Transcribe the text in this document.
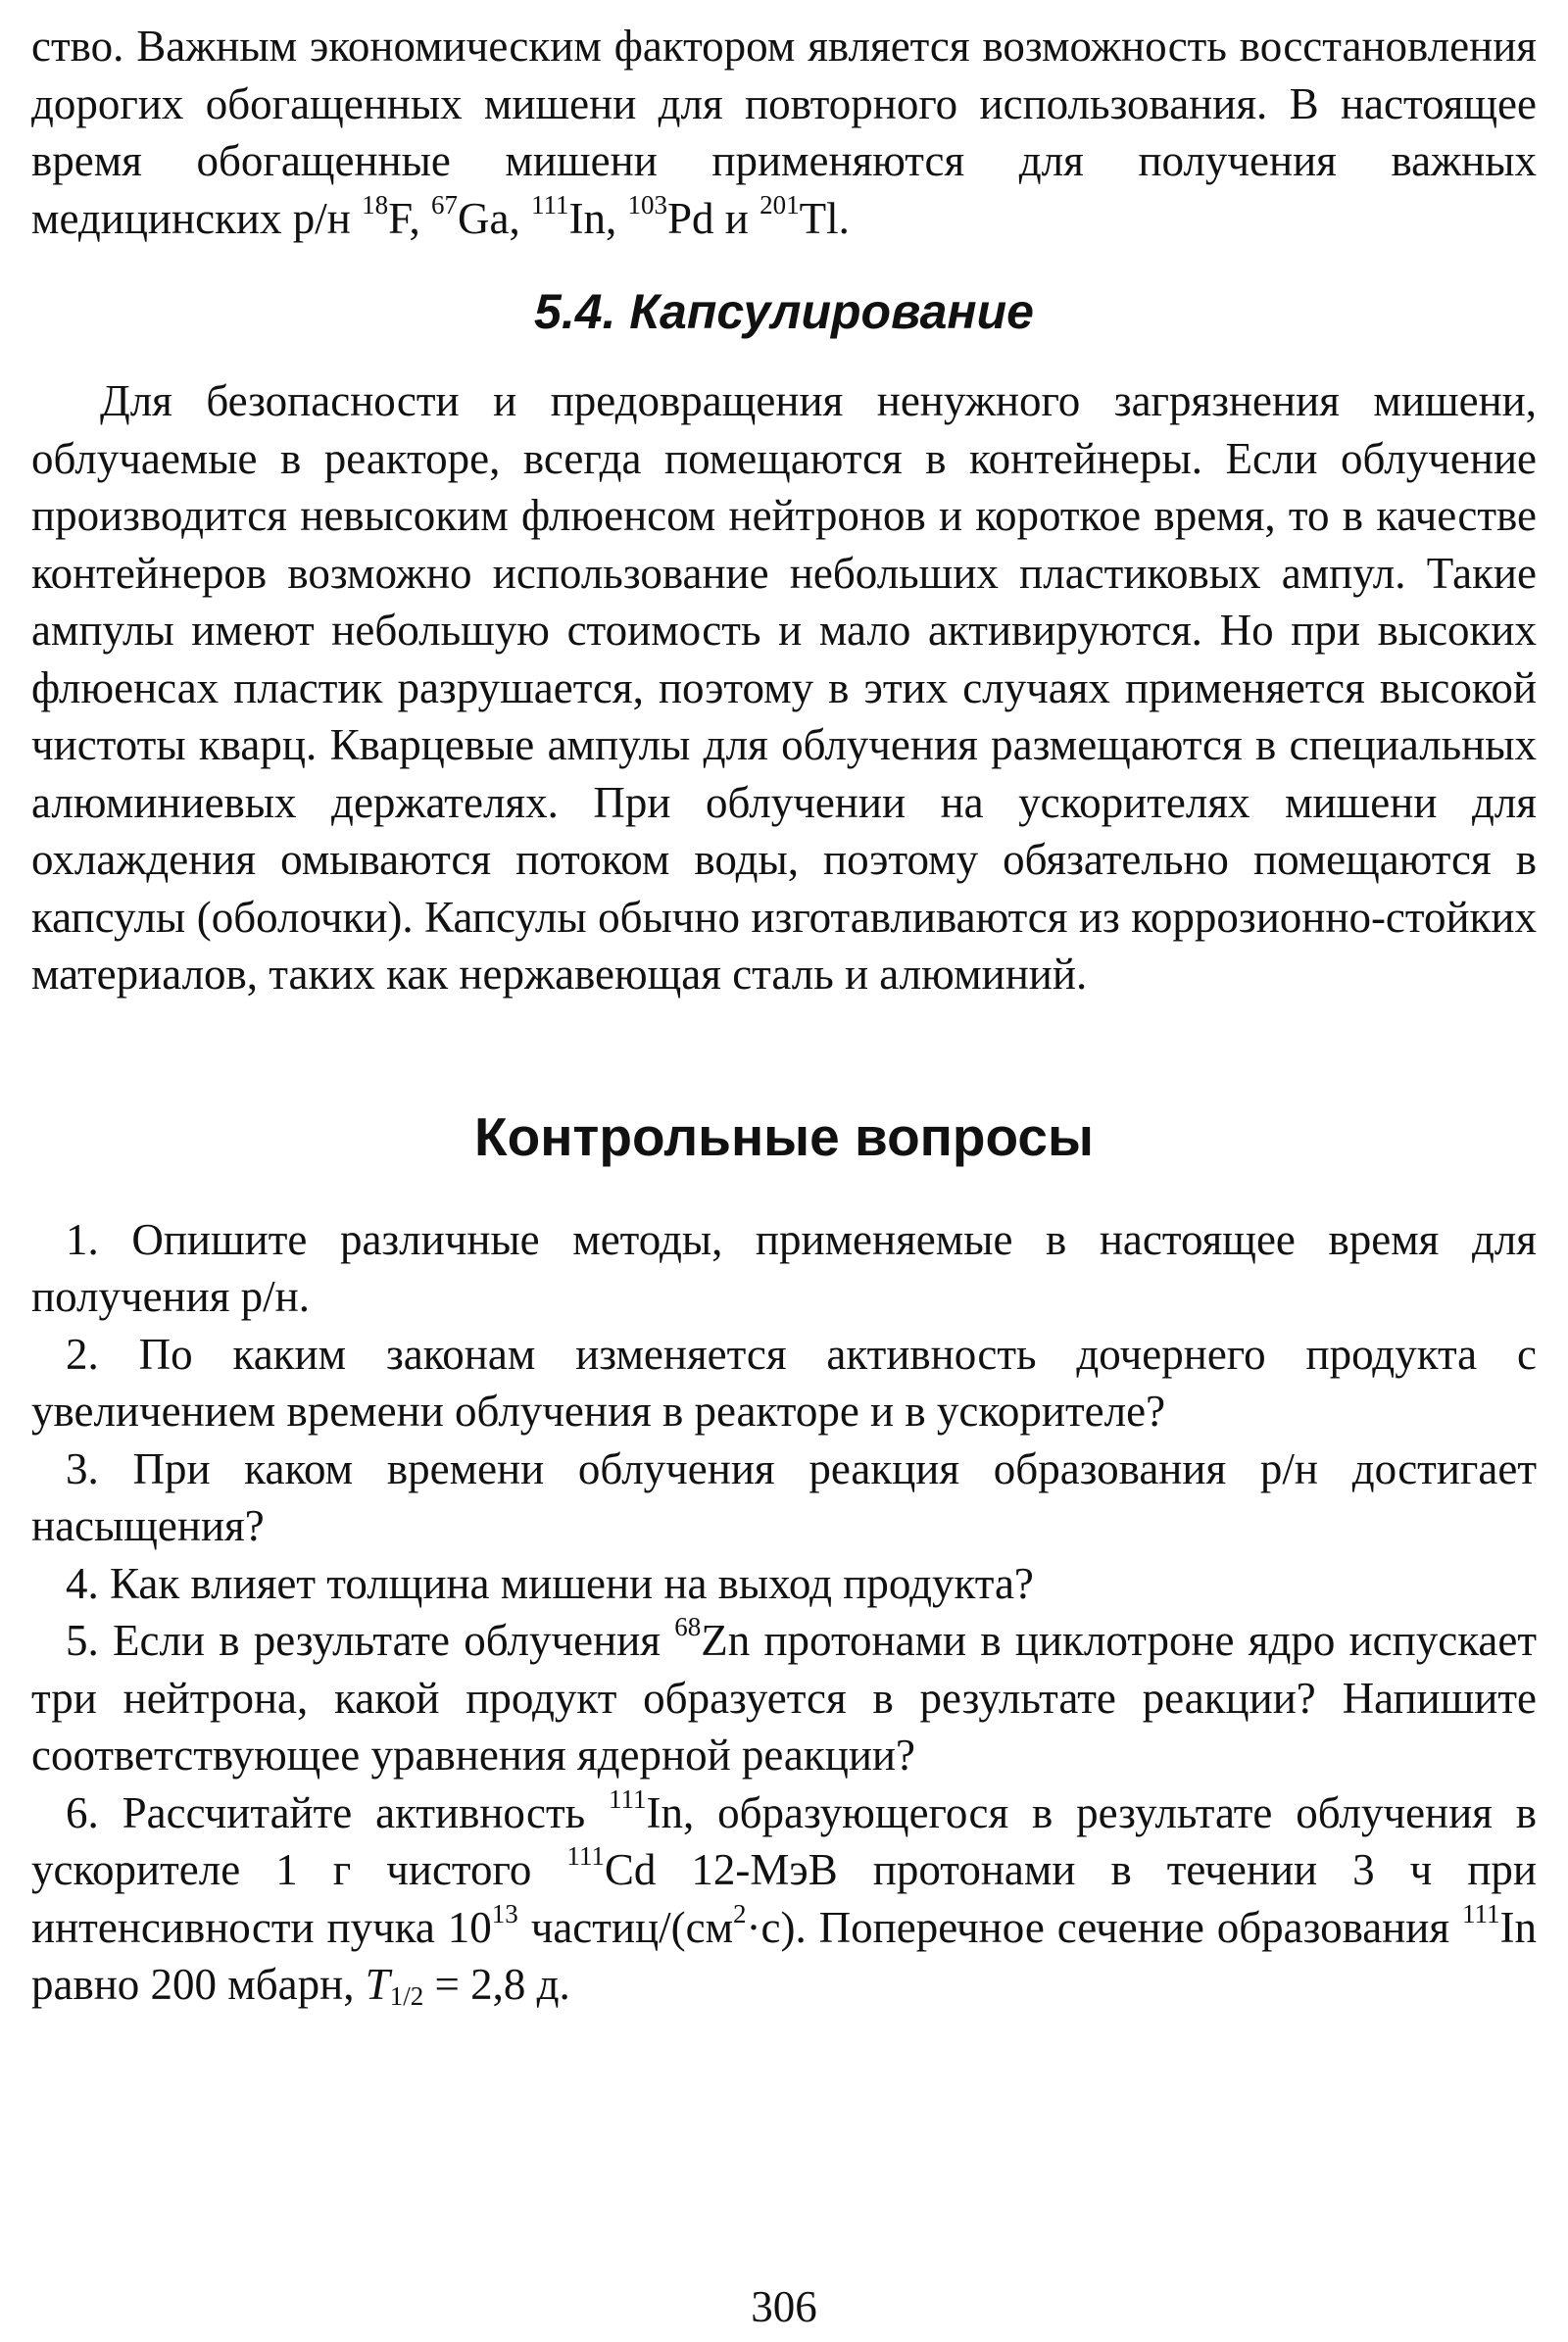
ство. Важным экономическим фактором является возможность восстановления дорогих обогащенных мишени для повторного использования. В настоящее время обогащенные мишени применяются для получения важных медицинских р/н $^{18}$F, $^{67}$Ga, $^{111}$In, $^{103}$Pd и $^{201}$Tl.

5.4. Капсулирование

Для безопасности и предовращения ненужного загрязнения мишени, облучаемые в реакторе, всегда помещаются в контейнеры. Если облучение производится невысоким флюенсом нейтронов и короткое время, то в качестве контейнеров возможно использование небольших пластиковых ампул. Такие ампулы имеют небольшую стоимость и мало активируются. Но при высоких флюенсах пластик разрушается, поэтому в этих случаях применяется высокой чистоты кварц. Кварцевые ампулы для облучения размещаются в специальных алюминиевых держателях. При облучении на ускорителях мишени для охлаждения омываются потоком воды, поэтому обязательно помещаются в капсулы (оболочки). Капсулы обычно изготавливаются из коррозионно-стойких материалов, таких как нержавеющая сталь и алюминий.

Контрольные вопросы

1. Опишите различные методы, применяемые в настоящее время для получения р/н.

2. По каким законам изменяется активность дочернего продукта с увеличением времени облучения в реакторе и в ускорителе?

3. При каком времени облучения реакция образования р/н достигает насыщения?

4. Как влияет толщина мишени на выход продукта?

5. Если в результате облучения $^{68}$Zn протонами в циклотроне ядро испускает три нейтрона, какой продукт образуется в результате реакции? Напишите соответствующее уравнения ядерной реакции?

6. Рассчитайте активность $^{111}$In, образующегося в результате облучения в ускорителе 1 г чистого $^{111}$Cd 12-МэВ протонами в течении 3 ч при интенсивности пучка $10^{13}$ частиц/$(см^2\cdot с)$. Поперечное сечение образования $^{111}$In равно 200 мбарн, $T_{1/2} = 2,8$ д.

306
